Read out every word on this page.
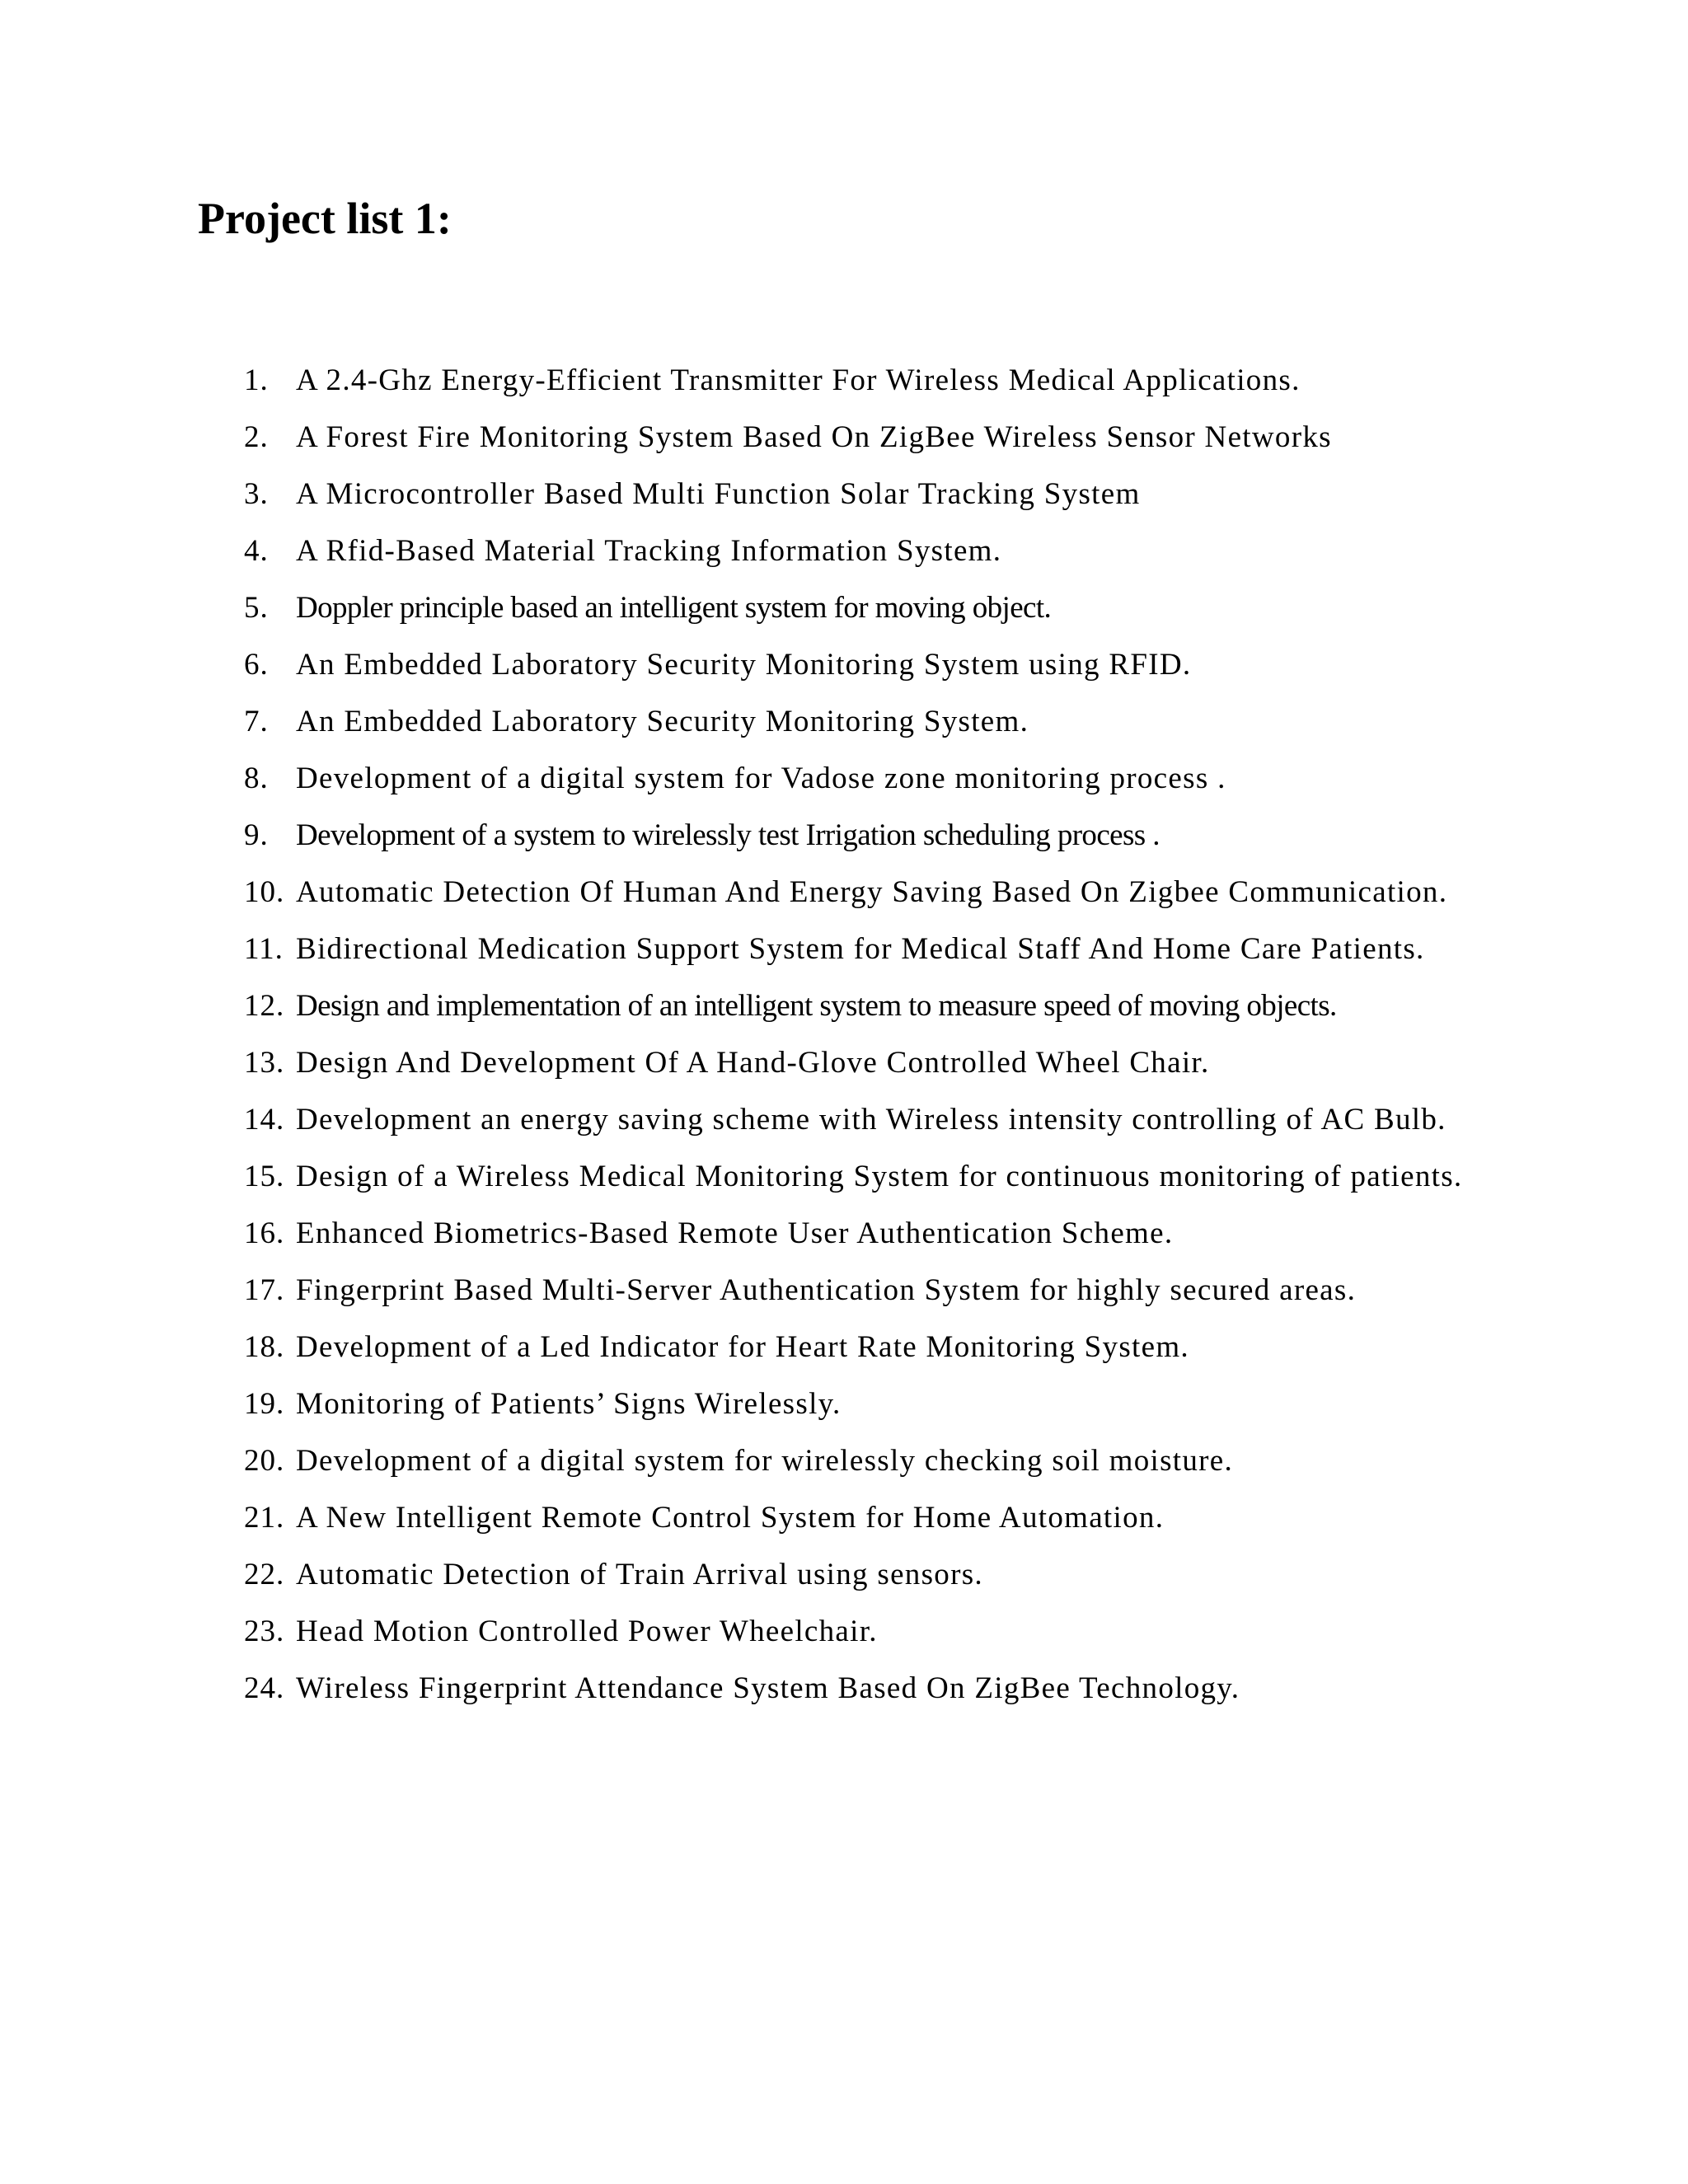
Project list 1:
1. A 2.4-Ghz Energy-Efficient Transmitter For Wireless Medical Applications.
2. A Forest Fire Monitoring System Based On ZigBee Wireless Sensor Networks
3. A Microcontroller Based Multi Function Solar Tracking System
4. A Rfid-Based Material Tracking Information System.
5. Doppler principle based an intelligent system for moving object.
6. An Embedded Laboratory Security Monitoring System using RFID.
7. An Embedded Laboratory Security Monitoring System.
8. Development of a digital system for Vadose zone monitoring process .
9. Development of a system to wirelessly test Irrigation scheduling process .
10. Automatic Detection Of Human And Energy Saving Based On Zigbee Communication.
11. Bidirectional Medication Support System for Medical Staff And Home Care Patients.
12. Design and implementation of an intelligent system to measure speed of moving objects.
13. Design And Development Of A Hand-Glove Controlled Wheel Chair.
14. Development an energy saving scheme with Wireless intensity controlling of AC Bulb.
15. Design of a Wireless Medical Monitoring System for continuous monitoring of patients.
16. Enhanced Biometrics-Based Remote User Authentication Scheme.
17. Fingerprint Based Multi-Server Authentication System for highly secured areas.
18. Development of a Led Indicator for Heart Rate Monitoring System.
19. Monitoring of Patients’ Signs Wirelessly.
20. Development of a digital system for wirelessly checking soil moisture.
21. A New Intelligent Remote Control System for Home Automation.
22. Automatic Detection of Train Arrival using sensors.
23. Head Motion Controlled Power Wheelchair.
24. Wireless Fingerprint Attendance System Based On ZigBee Technology.
